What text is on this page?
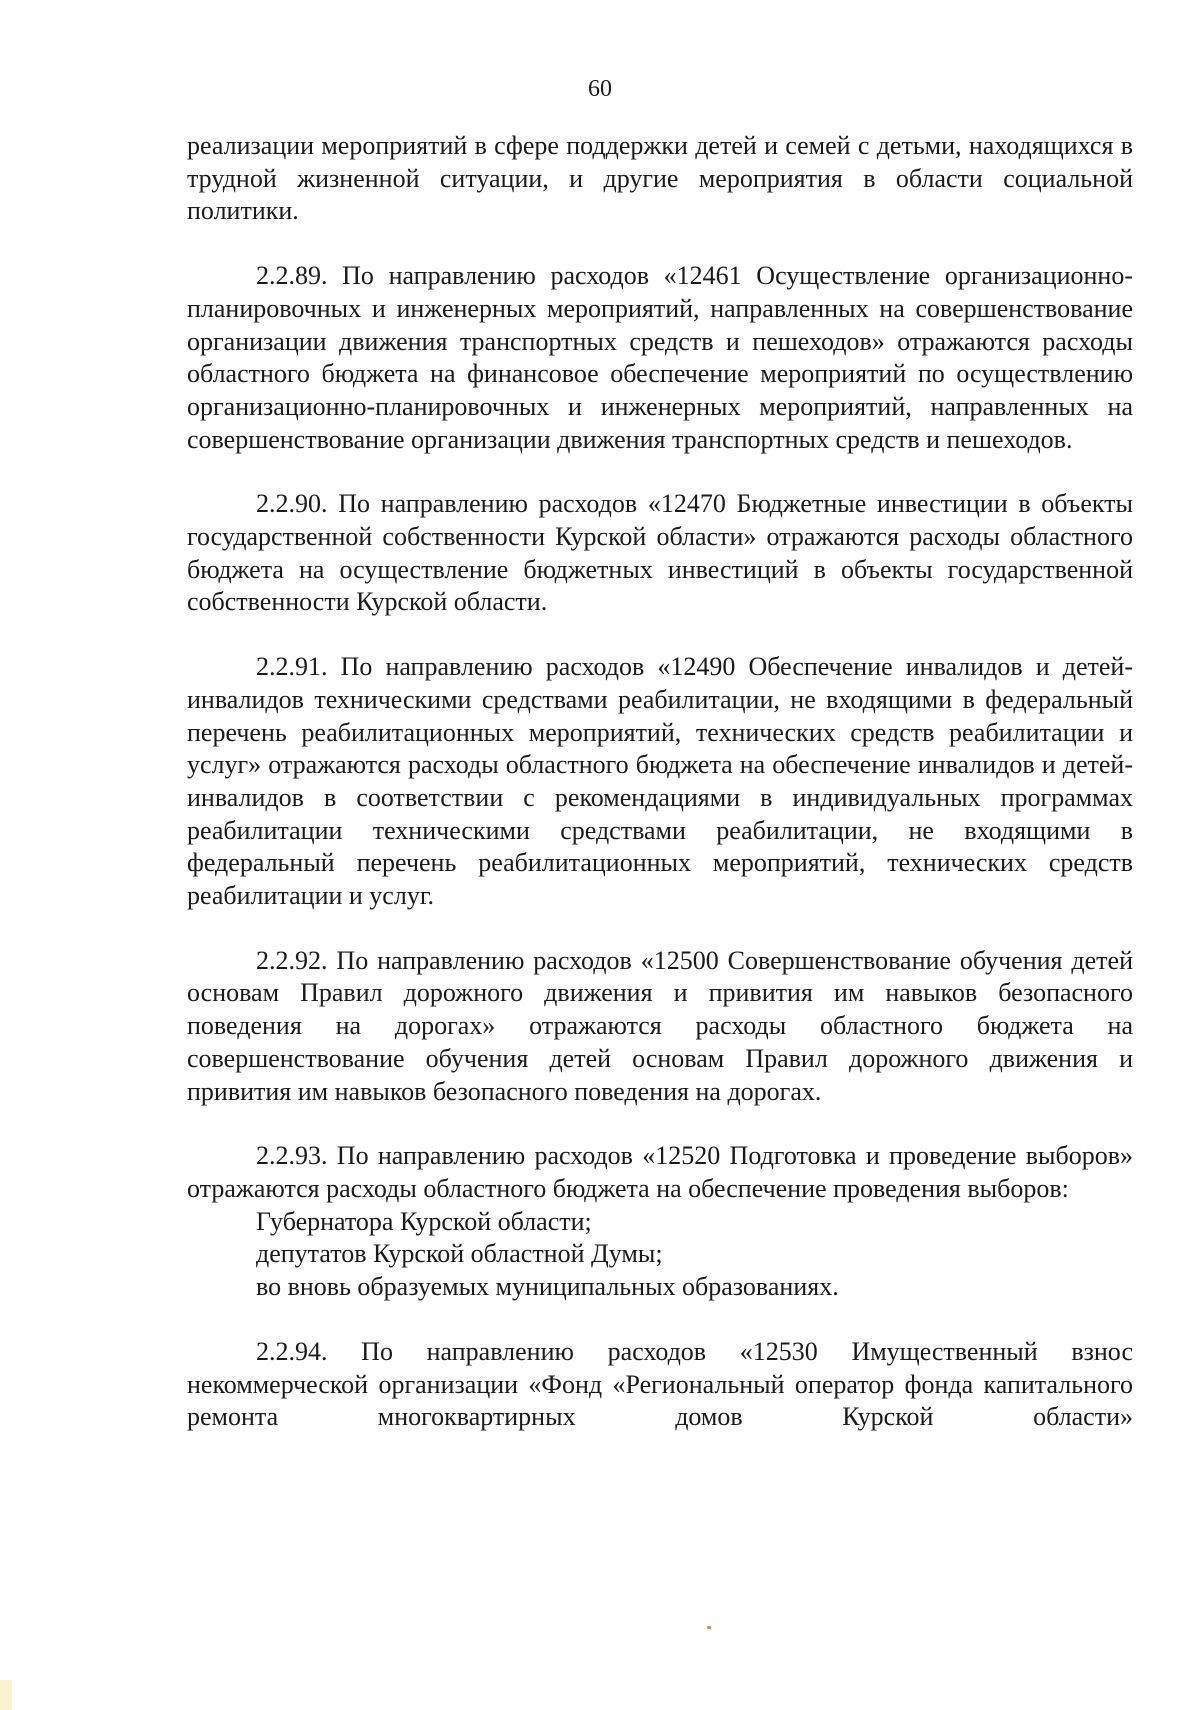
60

реализации мероприятий в сфере поддержки детей и семей с детьми, находящихся в трудной жизненной ситуации, и другие мероприятия в области социальной политики.

2.2.89. По направлению расходов «12461 Осуществление организационно-планировочных и инженерных мероприятий, направленных на совершенствование организации движения транспортных средств и пешеходов» отражаются расходы областного бюджета на финансовое обеспечение мероприятий по осуществлению организационно-планировочных и инженерных мероприятий, направленных на совершенствование организации движения транспортных средств и пешеходов.

2.2.90. По направлению расходов «12470 Бюджетные инвестиции в объекты государственной собственности Курской области» отражаются расходы областного бюджета на осуществление бюджетных инвестиций в объекты государственной собственности Курской области.

2.2.91. По направлению расходов «12490 Обеспечение инвалидов и детей-инвалидов техническими средствами реабилитации, не входящими в федеральный перечень реабилитационных мероприятий, технических средств реабилитации и услуг» отражаются расходы областного бюджета на обеспечение инвалидов и детей-инвалидов в соответствии с рекомендациями в индивидуальных программах реабилитации техническими средствами реабилитации, не входящими в федеральный перечень реабилитационных мероприятий, технических средств реабилитации и услуг.

2.2.92. По направлению расходов «12500 Совершенствование обучения детей основам Правил дорожного движения и привития им навыков безопасного поведения на дорогах» отражаются расходы областного бюджета на совершенствование обучения детей основам Правил дорожного движения и привития им навыков безопасного поведения на дорогах.

2.2.93. По направлению расходов «12520 Подготовка и проведение выборов» отражаются расходы областного бюджета на обеспечение проведения выборов:

Губернатора Курской области;
депутатов Курской областной Думы;
во вновь образуемых муниципальных образованиях.

2.2.94. По направлению расходов «12530 Имущественный взнос некоммерческой организации «Фонд «Региональный оператор фонда капитального ремонта многоквартирных домов Курской области»
